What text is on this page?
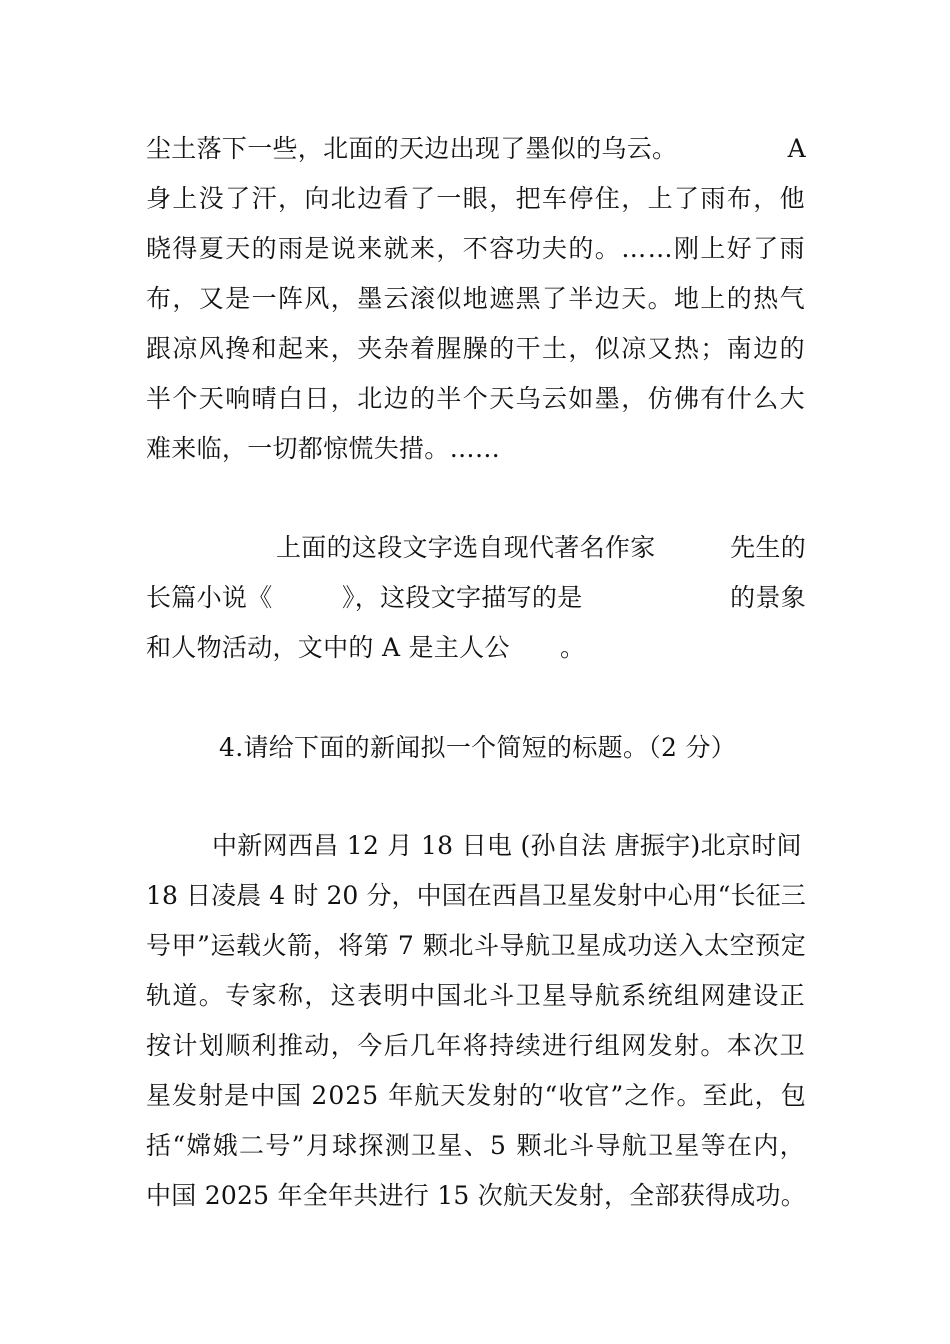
尘土落下一些，北面的天边出现了墨似的乌云。	A
身上没了汗，向北边看了一眼，把车停住，上了雨布，他
晓得夏天的雨是说来就来，不容功夫的。……刚上好了雨
布，又是一阵风，墨云滚似地遮黑了半边天。地上的热气
跟凉风搀和起来，夹杂着腥臊的干土，似凉又热；南边的
半个天响晴白日，北边的半个天乌云如墨，仿佛有什么大
难来临，一切都惊慌失措。……
上面的这段文字选自现代著名作家	先生的
长篇小说《	》，这段文字描写的是	的景象
和人物活动，文中的 A 是主人公 。
4.请给下面的新闻拟一个简短的标题。（2 分）
中新网西昌 12 月 18 日电 (孙自法 唐振宇)北京时间
18 日凌晨 4 时 20 分，中国在西昌卫星发射中心用“长征三
号甲”运载火箭，将第 7 颗北斗导航卫星成功送入太空预定
轨道。专家称，这表明中国北斗卫星导航系统组网建设正
按计划顺利推动，今后几年将持续进行组网发射。本次卫
星发射是中国 2025 年航天发射的“收官”之作。至此，包
括“嫦娥二号”月球探测卫星、5 颗北斗导航卫星等在内，
中国 2025 年全年共进行 15 次航天发射，全部获得成功。
